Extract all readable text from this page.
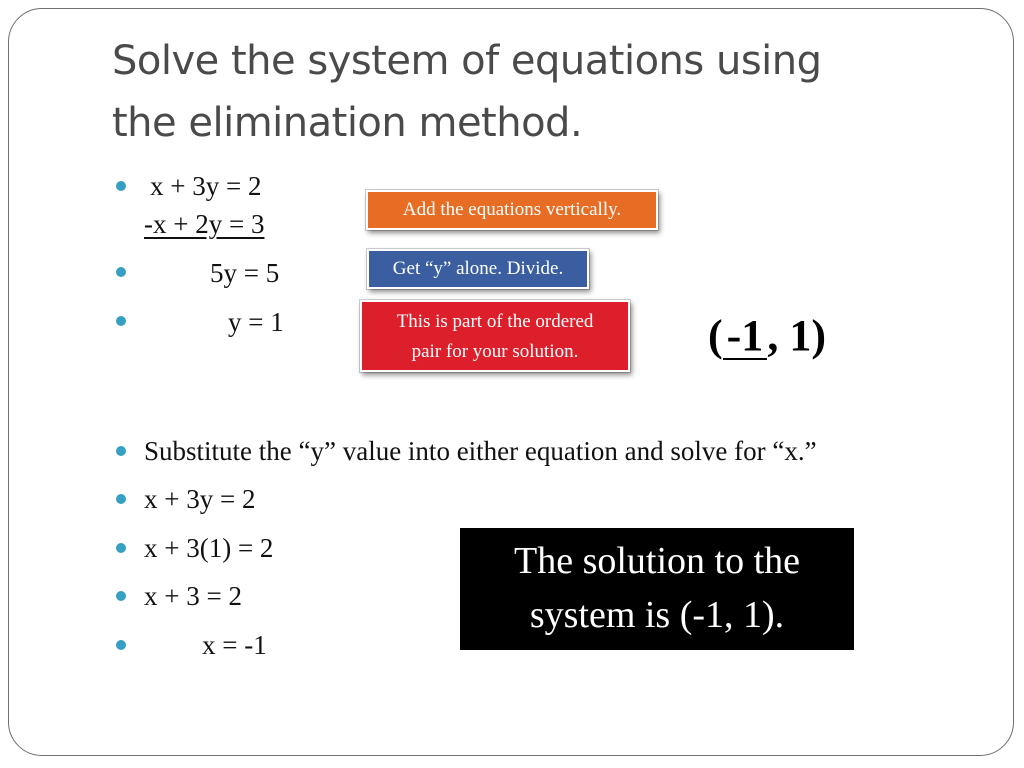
Solve the system of equations using
the elimination method.
x + 3y = 2
-x + 2y = 3
5y = 5
y = 1
Add the equations vertically.
Get “y” alone. Divide.
This is part of the ordered
pair for your solution.	(-1, 1)
Substitute the “y” value into either equation and solve for “x.”
x + 3y = 2
x + 3(1) = 2
x + 3 = 2
x = -1
The solution to the
system is (-1, 1).
